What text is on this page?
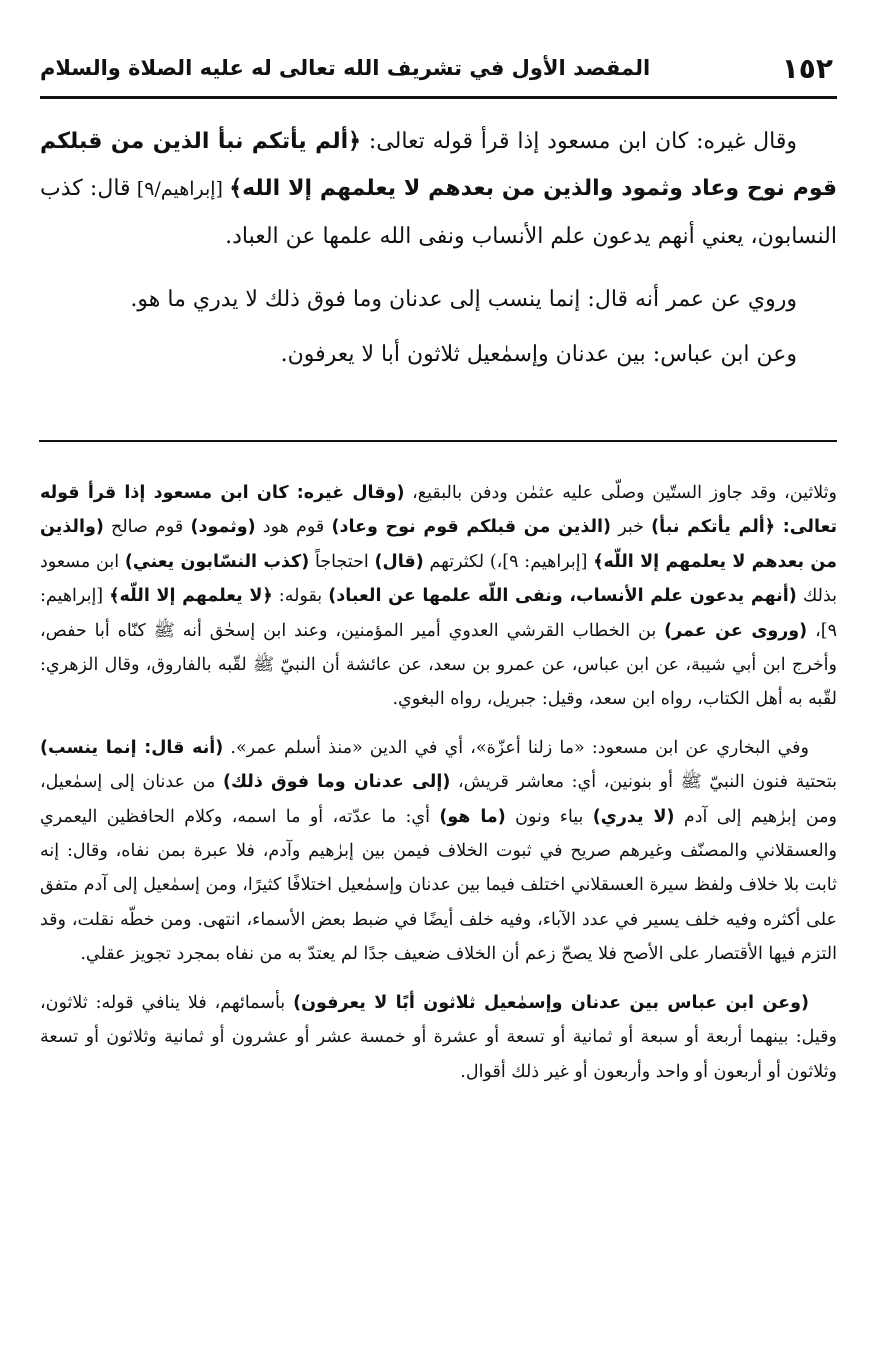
١٥٢
المقصد الأول في تشريف الله تعالى له عليه الصلاة والسلام

وقال غيره: كان ابن مسعود إذا قرأ قوله تعالى: ﴿ألم يأتكم نبأ الذين من قبلكم قوم نوح وعاد وثمود والذين من بعدهم لا يعلمهم إلا الله﴾ [إبراهيم/٩] قال: كذب النسابون، يعني أنهم يدعون علم الأنساب ونفى الله علمها عن العباد.

وروي عن عمر أنه قال: إنما ينسب إلى عدنان وما فوق ذلك لا يدري ما هو.

وعن ابن عباس: بين عدنان وإسمٰعيل ثلاثون أبا لا يعرفون.

وثلاثين، وقد جاوز الستّين وصلّى عليه عثمٰن ودفن بالبقيع، (وقال غيره: كان ابن مسعود إذا قرأ قوله تعالى: ﴿ألم يأتكم نبأ) خبر (الذين من قبلكم قوم نوح وعاد) قوم هود (وثمود) قوم صالح (والذين من بعدهم لا يعلمهم إلا اللّه﴾ [إبراهيم: ٩]،) لكثرتهم (قال) احتجاجاً (كذب النسّابون يعني) ابن مسعود بذلك (أنهم يدعون علم الأنساب، ونفى اللّه علمها عن العباد) بقوله: ﴿لا يعلمهم إلا اللّه﴾ [إبراهيم: ٩]، (وروى عن عمر) بن الخطاب القرشي العدوي أمير المؤمنين، وعند ابن إسحٰق أنه ﷺ كنّاه أبا حفص، وأخرج ابن أبي شيبة، عن ابن عباس، عن عمرو بن سعد، عن عائشة أن النبيّ ﷺ لقّبه بالفاروق، وقال الزهري: لقّبه به أهل الكتاب، رواه ابن سعد، وقيل: جبريل، رواه البغوي.

وفي البخاري عن ابن مسعود: «ما زلنا أعزّة»، أي في الدين «منذ أسلم عمر». (أنه قال: إنما ينسب) بتحتية فنون النبيّ ﷺ أو بنونين، أي: معاشر قريش، (إلى عدنان وما فوق ذلك) من عدنان إلى إسمٰعيل، ومن إبرٰهيم إلى آدم (لا يدري) بياء ونون (ما هو) أي: ما عدّته، أو ما اسمه، وكلام الحافظين اليعمري والعسقلاني والمصنّف وغيرهم صريح في ثبوت الخلاف فيمن بين إبرٰهيم وآدم، فلا عبرة بمن نفاه، وقال: إنه ثابت بلا خلاف ولفظ سيرة العسقلاني اختلف فيما بين عدنان وإسمٰعيل اختلافًا كثيرًا، ومن إسمٰعيل إلى آدم متفق على أكثره وفيه خلف يسير في عدد الآباء، وفيه خلف أيضًا في ضبط بعض الأسماء، انتهى. ومن خطّه نقلت، وقد التزم فيها الأقتصار على الأصح فلا يصحّ زعم أن الخلاف ضعيف جدًا لم يعتدّ به من نفاه بمجرد تجويز عقلي.

(وعن ابن عباس بين عدنان وإسمٰعيل ثلاثون أبًا لا يعرفون) بأسمائهم، فلا ينافي قوله: ثلاثون، وقيل: بينهما أربعة أو سبعة أو ثمانية أو تسعة أو عشرة أو خمسة عشر أو عشرون أو ثمانية وثلاثون أو تسعة وثلاثون أو أربعون أو واحد وأربعون أو غير ذلك أقوال.
